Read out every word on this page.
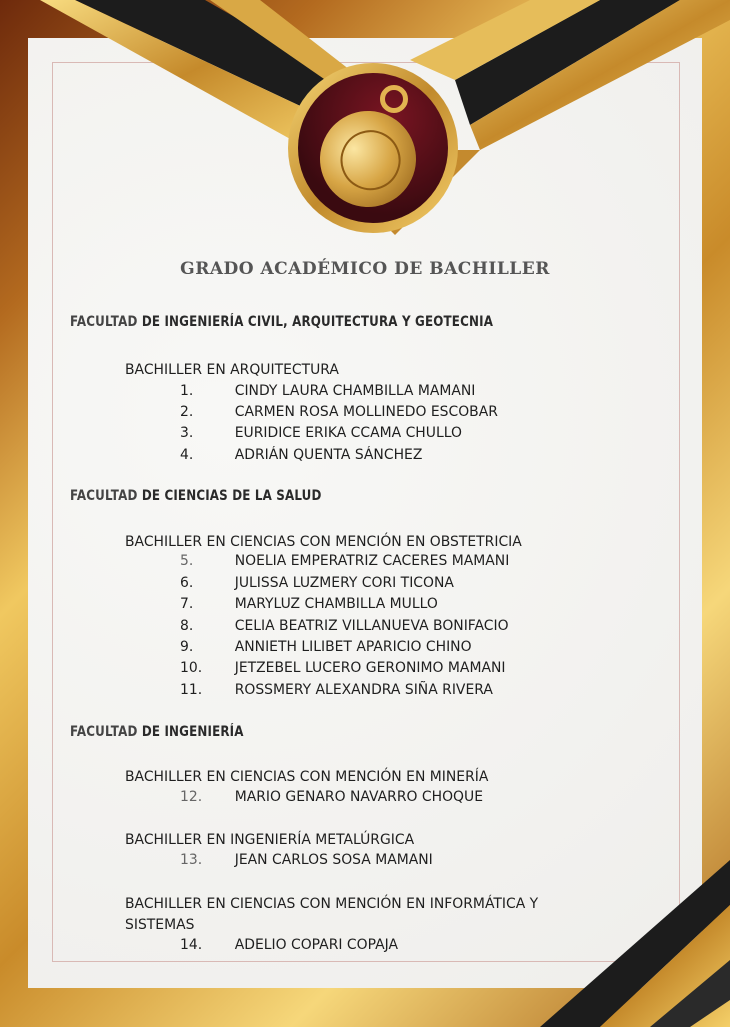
GRADO ACADÉMICO DE BACHILLER
FACULTAD DE INGENIERÍA CIVIL, ARQUITECTURA Y GEOTECNIA
BACHILLER EN ARQUITECTURA
1.	CINDY LAURA CHAMBILLA MAMANI
2.	CARMEN ROSA MOLLINEDO ESCOBAR
3.	EURIDICE ERIKA CCAMA CHULLO
4.	ADRIÁN QUENTA SÁNCHEZ
FACULTAD DE CIENCIAS DE LA SALUD
BACHILLER EN CIENCIAS CON MENCIÓN EN OBSTETRICIA
5.	NOELIA EMPERATRIZ CACERES MAMANI
6.	JULISSA LUZMERY CORI TICONA
7.	MARYLUZ CHAMBILLA MULLO
8.	CELIA BEATRIZ VILLANUEVA BONIFACIO
9.	ANNIETH LILIBET APARICIO CHINO
10. JETZEBEL LUCERO GERONIMO MAMANI
11. ROSSMERY ALEXANDRA SIÑA RIVERA
FACULTAD DE INGENIERÍA
BACHILLER EN CIENCIAS CON MENCIÓN EN MINERÍA
12. MARIO GENARO NAVARRO CHOQUE
BACHILLER EN INGENIERÍA METALÚRGICA
13. JEAN CARLOS SOSA MAMANI
BACHILLER EN CIENCIAS CON MENCIÓN EN INFORMÁTICA Y SISTEMAS
14. ADELIO COPARI COPAJA
